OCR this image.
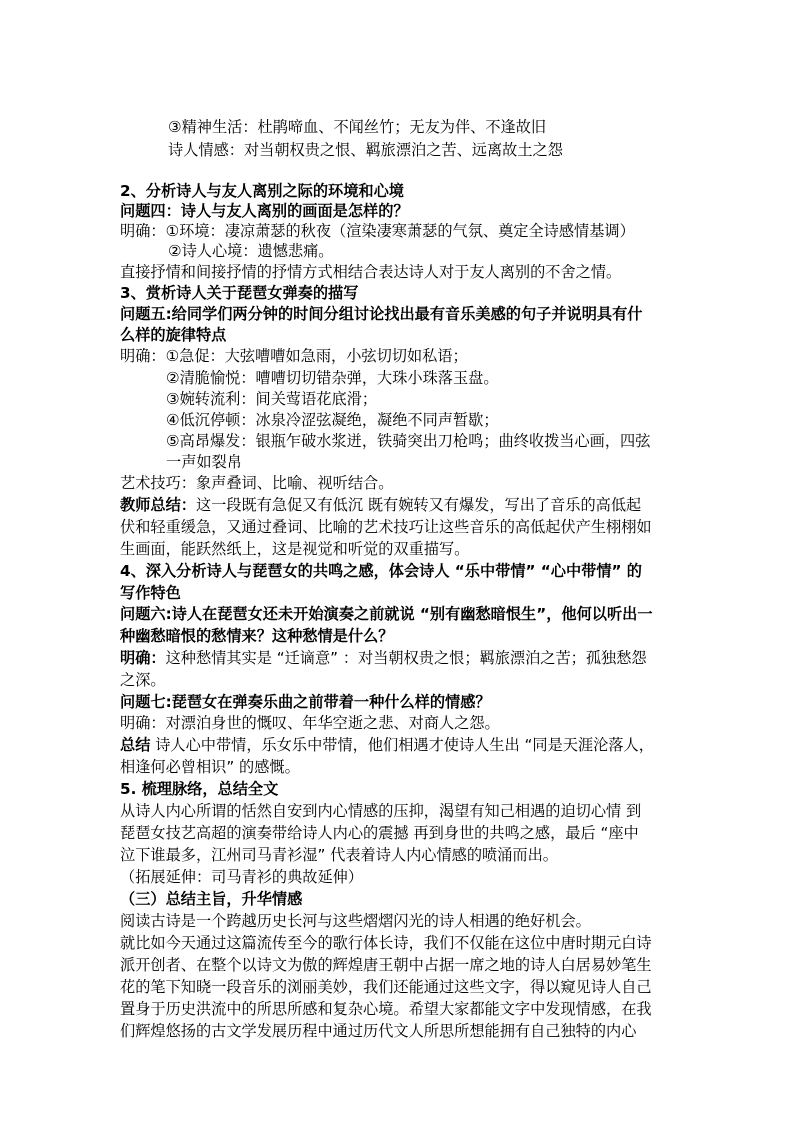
③精神生活：杜鹃啼血、不闻丝竹；无友为伴、不逢故旧
诗人情感：对当朝权贵之恨、羁旅漂泊之苦、远离故土之怨
2、分析诗人与友人离别之际的环境和心境
问题四：诗人与友人离别的画面是怎样的？
明确：①环境：凄凉萧瑟的秋夜（渲染凄寒萧瑟的气氛、奠定全诗感情基调）
②诗人心境：遗憾悲痛。
直接抒情和间接抒情的抒情方式相结合表达诗人对于友人离别的不舍之情。
3、赏析诗人关于琵琶女弹奏的描写
问题五:给同学们两分钟的时间分组讨论找出最有音乐美感的句子并说明具有什
么样的旋律特点
明确：①急促：大弦嘈嘈如急雨，小弦切切如私语；
②清脆愉悦：嘈嘈切切错杂弹，大珠小珠落玉盘。
③婉转流利：间关莺语花底滑；
④低沉停顿：冰泉冷涩弦凝绝，凝绝不同声暂歇；
⑤高昂爆发：银瓶乍破水浆迸，铁骑突出刀枪鸣；曲终收拨当心画，四弦
一声如裂帛
艺术技巧：象声叠词、比喻、视听结合。
教师总结：这一段既有急促又有低沉 既有婉转又有爆发，写出了音乐的高低起
伏和轻重缓急，又通过叠词、比喻的艺术技巧让这些音乐的高低起伏产生栩栩如
生画面，能跃然纸上，这是视觉和听觉的双重描写。
4、深入分析诗人与琵琶女的共鸣之感，体会诗人 “乐中带情” “心中带情” 的
写作特色
问题六:诗人在琵琶女还未开始演奏之前就说 “别有幽愁暗恨生”，他何以听出一
种幽愁暗恨的愁情来？这种愁情是什么？
明确：这种愁情其实是 “迁谪意” ：对当朝权贵之恨；羁旅漂泊之苦；孤独愁怨
之深。
问题七:琵琶女在弹奏乐曲之前带着一种什么样的情感？
明确：对漂泊身世的慨叹、年华空逝之悲、对商人之怨。
总结 诗人心中带情，乐女乐中带情，他们相遇才使诗人生出 “同是天涯沦落人，
相逢何必曾相识” 的感慨。
5. 梳理脉络，总结全文
从诗人内心所谓的恬然自安到内心情感的压抑，渴望有知己相遇的迫切心情 到
琵琶女技艺高超的演奏带给诗人内心的震撼 再到身世的共鸣之感，最后 “座中
泣下谁最多，江州司马青衫湿” 代表着诗人内心情感的喷涌而出。
（拓展延伸：司马青衫的典故延伸）
（三）总结主旨，升华情感
阅读古诗是一个跨越历史长河与这些熠熠闪光的诗人相遇的绝好机会。
就比如今天通过这篇流传至今的歌行体长诗，我们不仅能在这位中唐时期元白诗
派开创者、在整个以诗文为傲的辉煌唐王朝中占据一席之地的诗人白居易妙笔生
花的笔下知晓一段音乐的浏丽美妙，我们还能通过这些文字，得以窥见诗人自己
置身于历史洪流中的所思所感和复杂心境。希望大家都能文字中发现情感，在我
们辉煌悠扬的古文学发展历程中通过历代文人所思所想能拥有自己独特的内心
